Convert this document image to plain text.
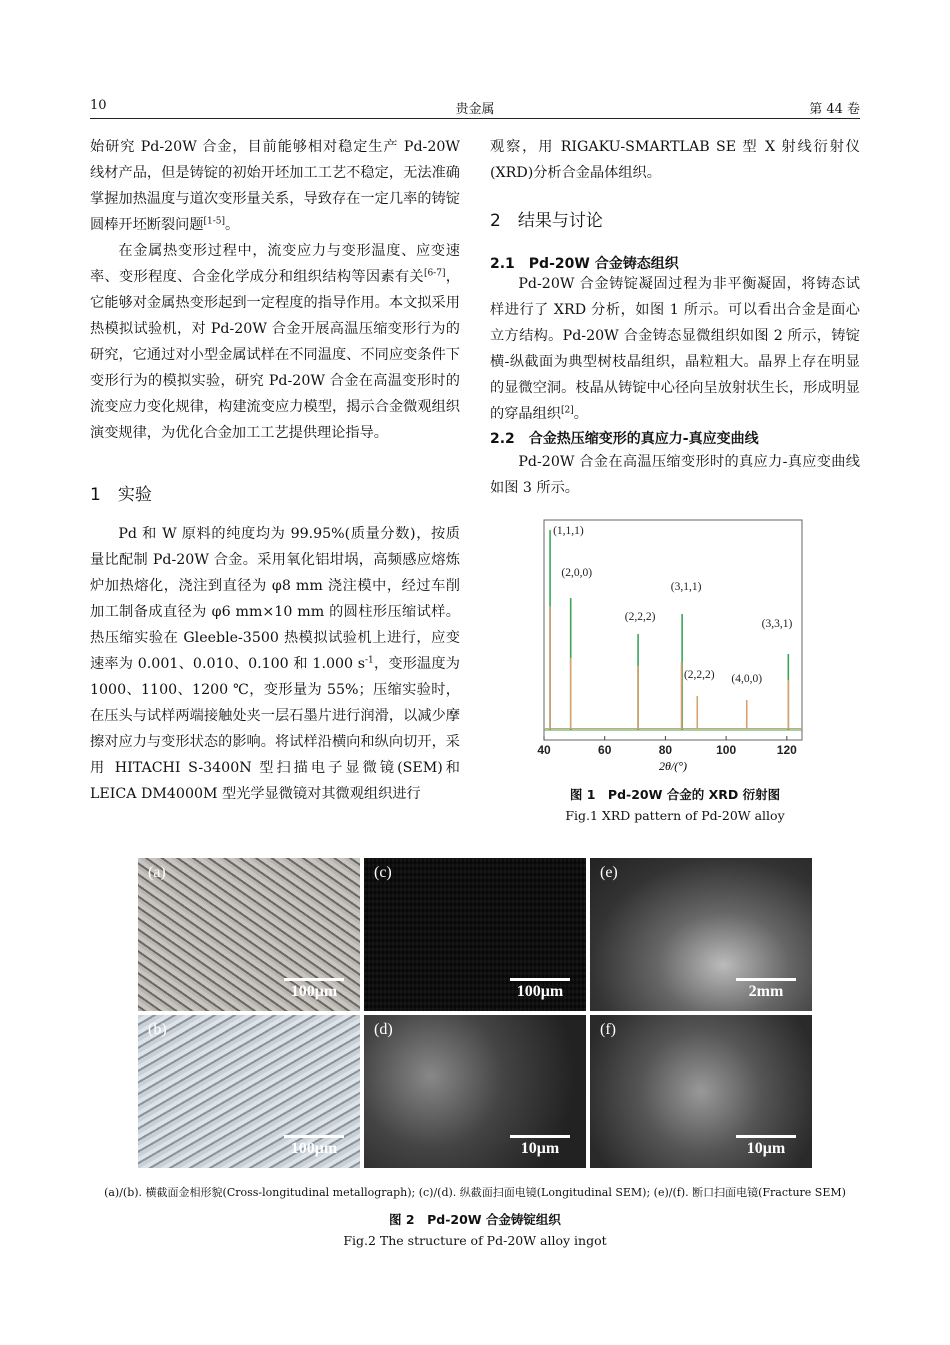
10	贵金属	第 44 卷

始研究 Pd-20W 合金，目前能够相对稳定生产 Pd-20W 线材产品，但是铸锭的初始开坯加工工艺不稳定，无法准确掌握加热温度与道次变形量关系，导致存在一定几率的铸锭圆棒开坯断裂问题[1-5]。

在金属热变形过程中，流变应力与变形温度、应变速率、变形程度、合金化学成分和组织结构等因素有关[6-7]，它能够对金属热变形起到一定程度的指导作用。本文拟采用热模拟试验机，对 Pd-20W 合金开展高温压缩变形行为的研究，它通过对小型金属试样在不同温度、不同应变条件下变形行为的模拟实验，研究 Pd-20W 合金在高温变形时的流变应力变化规律，构建流变应力模型，揭示合金微观组织演变规律，为优化合金加工工艺提供理论指导。

1　实验

Pd 和 W 原料的纯度均为 99.95%(质量分数)，按质量比配制 Pd-20W 合金。采用氧化铝坩埚，高频感应熔炼炉加热熔化，浇注到直径为 φ8 mm 浇注模中，经过车削加工制备成直径为 φ6 mm×10 mm 的圆柱形压缩试样。热压缩实验在 Gleeble-3500 热模拟试验机上进行，应变速率为 0.001、0.010、0.100 和 1.000 $s^{-1}$，变形温度为 1000、1100、1200 ℃，变形量为 55%；压缩实验时，在压头与试样两端接触处夹一层石墨片进行润滑，以减少摩擦对应力与变形状态的影响。将试样沿横向和纵向切开，采用 HITACHI S-3400N 型扫描电子显微镜(SEM)和 LEICA DM4000M 型光学显微镜对其微观组织进行

观察，用 RIGAKU-SMARTLAB SE 型 X 射线衍射仪(XRD)分析合金晶体组织。

2　结果与讨论
2.1　Pd-20W 合金铸态组织

Pd-20W 合金铸锭凝固过程为非平衡凝固，将铸态试样进行了 XRD 分析，如图 1 所示。可以看出合金是面心立方结构。Pd-20W 合金铸态显微组织如图 2 所示，铸锭横-纵截面为典型树枝晶组织，晶粒粗大。晶界上存在明显的显微空洞。枝晶从铸锭中心径向呈放射状生长，形成明显的穿晶组织[2]。

2.2　合金热压缩变形的真应力-真应变曲线

Pd-20W 合金在高温压缩变形时的真应力-真应变曲线如图 3 所示。

40	60	80	100	120
2θ/(°)
(1,1,1)
(2,0,0)
(2,2,2)
(3,1,1)
(2,2,2) (4,0,0)
(3,3,1)
图 1　Pd-20W 合金的 XRD 衍射图
Fig.1 XRD pattern of Pd-20W alloy
(a)
100μm
(c)
100μm
(e)
2mm
(b)
100μm
(d)
10μm
(f)
10μm
(a)/(b). 横截面金相形貌(Cross-longitudinal metallograph); (c)/(d). 纵截面扫面电镜(Longitudinal SEM); (e)/(f). 断口扫面电镜(Fracture SEM)
图 2　Pd-20W 合金铸锭组织
Fig.2 The structure of Pd-20W alloy ingot
